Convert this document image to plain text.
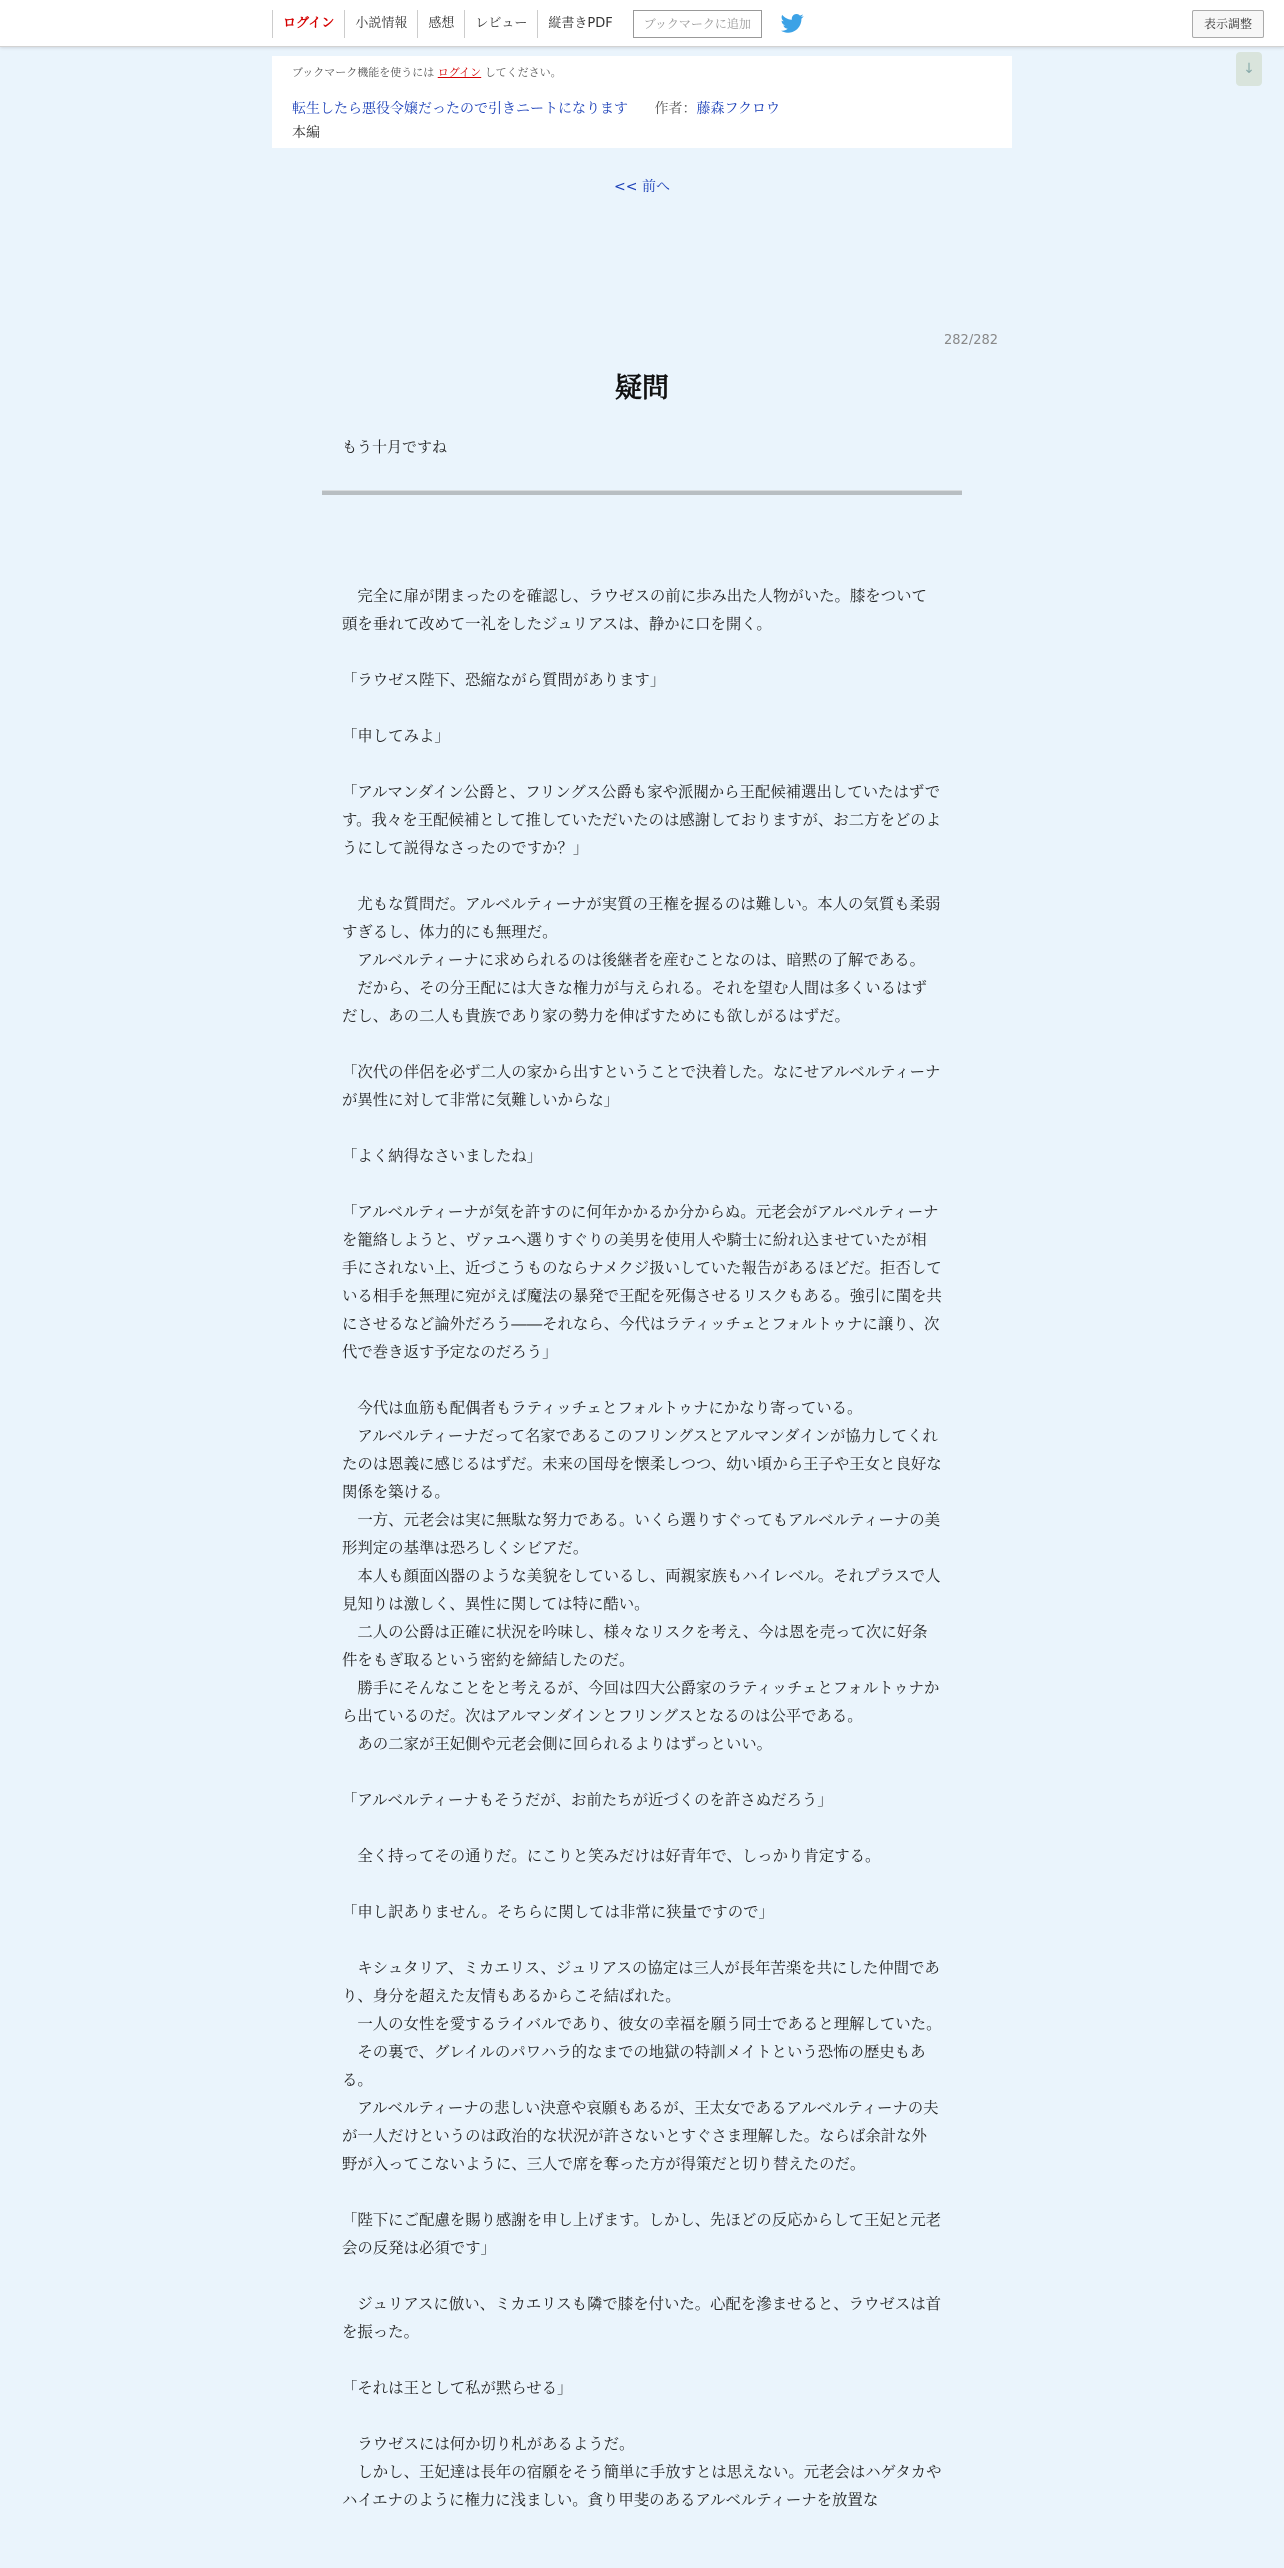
ログイン	小説情報	感想	レビュー	縦書きPDF	ブックマークに追加	表示調整
↓
ブックマーク機能を使うには ログイン してください。
転生したら悪役令嬢だったので引きニートになります 作者：藤森フクロウ
本編
<< 前へ
282/282
疑問
もう十月ですね

　完全に扉が閉まったのを確認し、ラウゼスの前に歩み出た人物がいた。膝をついて頭を垂れて改めて一礼をしたジュリアスは、静かに口を開く。

「ラウゼス陛下、恐縮ながら質問があります」

「申してみよ」

「アルマンダイン公爵と、フリングス公爵も家や派閥から王配候補選出していたはずです。我々を王配候補として推していただいたのは感謝しておりますが、お二方をどのようにして説得なさったのですか？」

　尤もな質問だ。アルベルティーナが実質の王権を握るのは難しい。本人の気質も柔弱すぎるし、体力的にも無理だ。

　アルベルティーナに求められるのは後継者を産むことなのは、暗黙の了解である。

　だから、その分王配には大きな権力が与えられる。それを望む人間は多くいるはずだし、あの二人も貴族であり家の勢力を伸ばすためにも欲しがるはずだ。

「次代の伴侶を必ず二人の家から出すということで決着した。なにせアルベルティーナが異性に対して非常に気難しいからな」

「よく納得なさいましたね」

「アルベルティーナが気を許すのに何年かかるか分からぬ。元老会がアルベルティーナを籠絡しようと、ヴァユへ選りすぐりの美男を使用人や騎士に紛れ込ませていたが相手にされない上、近づこうものならナメクジ扱いしていた報告があるほどだ。拒否している相手を無理に宛がえば魔法の暴発で王配を死傷させるリスクもある。強引に閨を共にさせるなど論外だろう――それなら、今代はラティッチェとフォルトゥナに譲り、次代で巻き返す予定なのだろう」

　今代は血筋も配偶者もラティッチェとフォルトゥナにかなり寄っている。

　アルベルティーナだって名家であるこのフリングスとアルマンダインが協力してくれたのは恩義に感じるはずだ。未来の国母を懐柔しつつ、幼い頃から王子や王女と良好な関係を築ける。

　一方、元老会は実に無駄な努力である。いくら選りすぐってもアルベルティーナの美形判定の基準は恐ろしくシビアだ。

　本人も顔面凶器のような美貌をしているし、両親家族もハイレベル。それプラスで人見知りは激しく、異性に関しては特に酷い。

　二人の公爵は正確に状況を吟味し、様々なリスクを考え、今は恩を売って次に好条件をもぎ取るという密約を締結したのだ。

　勝手にそんなことをと考えるが、今回は四大公爵家のラティッチェとフォルトゥナから出ているのだ。次はアルマンダインとフリングスとなるのは公平である。

　あの二家が王妃側や元老会側に回られるよりはずっといい。

「アルベルティーナもそうだが、お前たちが近づくのを許さぬだろう」

　全く持ってその通りだ。にこりと笑みだけは好青年で、しっかり肯定する。

「申し訳ありません。そちらに関しては非常に狭量ですので」

　キシュタリア、ミカエリス、ジュリアスの協定は三人が長年苦楽を共にした仲間であり、身分を超えた友情もあるからこそ結ばれた。

　一人の女性を愛するライバルであり、彼女の幸福を願う同士であると理解していた。

　その裏で、グレイルのパワハラ的なまでの地獄の特訓メイトという恐怖の歴史もある。

　アルベルティーナの悲しい決意や哀願もあるが、王太女であるアルベルティーナの夫が一人だけというのは政治的な状況が許さないとすぐさま理解した。ならば余計な外野が入ってこないように、三人で席を奪った方が得策だと切り替えたのだ。

「陛下にご配慮を賜り感謝を申し上げます。しかし、先ほどの反応からして王妃と元老会の反発は必須です」

　ジュリアスに倣い、ミカエリスも隣で膝を付いた。心配を滲ませると、ラウゼスは首を振った。

「それは王として私が黙らせる」

　ラウゼスには何か切り札があるようだ。

　しかし、王妃達は長年の宿願をそう簡単に手放すとは思えない。元老会はハゲタカやハイエナのように権力に浅ましい。貪り甲斐のあるアルベルティーナを放置な
